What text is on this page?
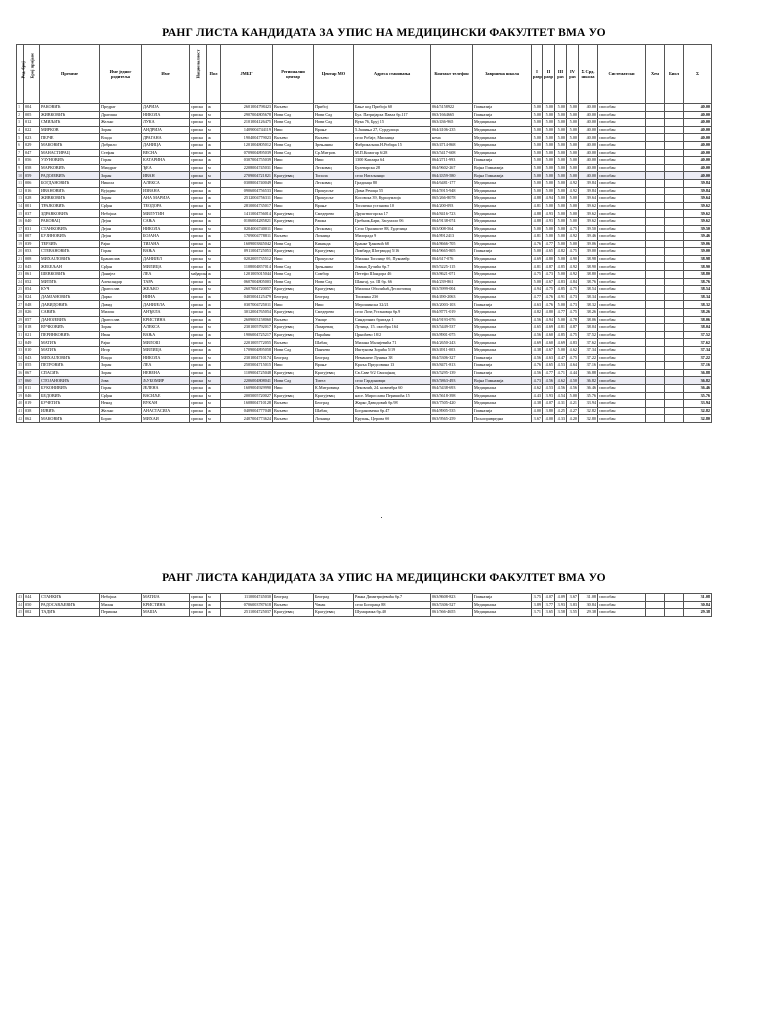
РАНГ ЛИСТА КАНДИДАТА ЗА УПИС НА МЕДИЦИНСКИ ФАКУЛТЕТ ВМА УО
Ред. број	Број пријаве	Презиме	Име једног родитеља	Име	Националност	Пол	ЈМБГ	Регионални центар	Центар МО	Адреса становања	Контакт телефон	Завршена школа	I разр	II разр	III раз	IV раз	Σ Срд. школа	Систематски	Хем	Биол	Σ
1	004	РАКОВИЋ	Предраг	ДАРИЈА	српска	ж	2601004798423	Ваљево	Прибој	Бање код Прибоја 60	064/5158922	Гимназија	5.00	5.00	5.00	5.00	40.00	способан			40.00
2	005	ЖИВКОВИЋ	Драгиша	НИКОЛА	српска	м	2907004805678	Нови Сад	Нови Сад	Бул. Патријарха Павла бр.117	063/1664665	Гимназија	5.00	5.00	5.00	5.00	40.00	способан			40.00
3	012	СМИЉИЋ	Жељко	ЛУКА	српска	м	2101004126475	Нови Сад	Нови Сад	Вука 76, Бруј 15	063/436-965	Медицинска	5.00	5.00	5.00	5.00	40.00	способан			40.00
4	022	МИРКОВ	Зоран	АНДРИЈА	српска	м	1409004744119	Ниш	Врање	5.Јашиња 27, Сурдулица	064/4106-235	Медицинска	5.00	5.00	5.00	5.00	40.00	способан			40.00
5	023	ПЕЈЧЕ	Влада	ДРАГАНА	српска	ж	1904004779023	Ваљево	Ваљево	село Робаје, Мионица	нема	Медицинска	5.00	5.00	5.00	5.00	40.00	способан			40.00
6	029	МАКОВИЋ	Добрило	ДАНИЦА	српска	ж	1201004805012	Нови Сад	Зрењанин	Фабрикаљиш.Н.Рибара 15	063/4714-868	Медицинска	5.00	5.00	5.00	5.00	40.00	способан			40.00
7	047	МАНАСТИРАЦ	Стефан	ВЕСНА	српска	ж	0709004895039	Нови Сад	Ср.Митров.	М.П.Комогар 6/28	063/5417-608	Медицинска	5.00	5.00	5.00	5.00	40.00	способан			40.00
8	056	УЗУНОВИЋ	Горан	КАТАРИНА	српска	ж	0307004755039	Ниш	Ниш	1300 Каплара 64	064/2711-993	Гимназија	5.00	5.00	5.00	5.00	40.00	способан			40.00
9	058	МАРКОВИЋ	Миодраг	ЂЕА	српска	м	2208004745031	Ниш	Лесковац	Булеварска 28	064/9602-267	Војна Гимназија	5.00	5.00	5.00	5.00	40.00	способан			40.00
10	059	РАДОЈЕВИЋ	Зоран	ИВАН	српска	м	2709004721821	Крагујевац	Топола	село Натаљинци	064/4359-580	Војна Гимназија	5.00	5.00	5.00	5.00	40.00	способан			40.00
11	006	БОГДАНОВИЋ	Никола	АЛЕКСА	српска	м	0308004740049	Ниш	Лесковац	Градинца 80	064/6481-177	Медицинска	5.00	5.00	5.00	4.92	39.84	способан			39.84
12	016	ИВАНОВИЋ	Вујадин	ИЗВАНА	српска	ж	0906004756533	Ниш	Прокупље	Дома Речица 55	064/5915-948	Медицинска	5.00	5.00	5.00	4.92	39.84	способан			39.84
13	028	ЖИВКОВИЋ	Зоран	АНА МАРИЈА	српска	ж	2512004756311	Ниш	Прокупље	Косовска 39, Куршумлија	065/266-8078	Медицинска	4.88	4.94	5.00	5.00	39.64	способан			39.64
14	001	ТРАЈКОВИЋ	Срђан	ТЕОДОРА	српска	ж	2810004735017	Ниш	Врање	Топличка установа 10	064/200-093	Медицинска	4.81	5.00	5.00	5.00	39.62	способан			39.62
15	037	ЗДРАВКОВИЋ	Небојша	МИЛУТИН	српска	м	1411004756014	Крагујевац	Смедерево	Друштвогорска 17	064/8416-723	Медицинска	4.88	4.93	5.00	5.00	39.62	способан			39.62
16	040	РАКОВАЦ	Дејан	САЊА	српска	ж	0106004285821	Крагујевац	Рашка	Гребник,Бари, Засумлло 06	064/9138-074	Медицинска	4.88	4.93	5.00	5.00	39.62	способан			39.62
17	031	СТАНКОВИЋ	Дејан	НИКОЛА	српска	м	0204004740011	Ниш	Лесковац	Село Оралиште 88, Грделица	063/008-564	Медицинска	5.00	5.00	5.00	4.75	39.50	способан			39.50
18	007	БУЈИНОВИЋ	Дејан	БОЈАНА	српска	ж	1709004778811	Ваљево	Лозница	Милорада 9	064/8912413	Медицинска	4.81	5.00	5.00	4.92	39.46	способан			39.46
19	039	ТЕРЗИЋ	Рајко	ТИЈАНА	српска	ж	1609003845042	Нови Сад	Кикинда	Бранке Ђаковић 68	064/8666-705	Медицинска	4.76	4.77	5.00	5.00	39.06	способан			39.06
20	053	СТЕВАНОВИЋ	Горан	ВАЊА	српска	ж	0911004725053	Крагујевац	Крагујевац	Ломбард Шотрвадај 5/16	064/9665-805	Гимназија	5.00	4.65	4.82	4.75	39.00	способан			39.00
21	008	МИХАЈЛОВИЋ	Бранислав	ДАНИЈЕЛ	српска	м	0202005735512	Ниш	Прокупље	Милана Топлице бб, Пукоавбр	064/617-076	Медицинска	4.69	4.80	5.00	4.90	38.98	способан			38.98
22	045	ЖЕБЕЉАН	Срђан	МИЛИЦА	српска	ж	1108004857014	Нови Сад	Зрењанин	Јована Дучића бр.7	065/5225-115	Медицинска	4.81	4.87	4.85	4.92	38.90	способан			38.90
23	061	ШЕВКОВИЋ	Данијел	ЛЕА	мађарска	ж	1201005015044	Нови Сад	Сомбор	Петефи Шандора 46	063/8621-071	Медицинска	4.75	4.73	5.00	4.92	38.80	способан			38.80
24	052	МИТИЋ	Александар	ТАРА	српска	ж	0607004805003	Нови Сад	Нови Сад	Шангај, ул. III бр. 66	064/239-861	Медицинска	5.00	4.67	4.83	4.84	38.76	способан			38.76
25	054	КУЧ	Драгослав	ЖЕЉКО	српска	м	2607004720057	Крагујевац	Крагујевац	Милоша Обилића6,Деспотовац	063/5999-004	Медицинска	4.94	4.75	4.85	4.75	38.54	способан			38.54
26	024	ДАМЈАНОВИЋ	Дарко	НИНА	српска	ж	0405004125479	Београд	Београд	Тошинка 23б	064/490-2063	Медицинска	4.77	4.76	4.91	4.73	38.34	способан			38.34
27	048	ДАВИДОВИЋ	Давид	ДАНИЈЕЛА	српска	ж	0307004725011	Ниш	Ниш	Мерошинска 32/21	063/2003-103	Гимназија	4.63	4.76	5.00	4.73	38.32	способан			38.32
28	026	САВИЋ	Милош	АНЂЕЛА	српска	ж	3012004765054	Крагујевац	Смедерево	село Лозе,Установца бр.9	064/8771-019	Медицинска	4.82	4.80	4.77	4.75	38.26	способан			38.26
29	057	ДАНОЈЕВИЋ	Драгослав	КРИСТИНА	српска	ж	2609003158060	Ваљево	Ужице	Синдичних бригада 1	064/9193-076	Медицинска	4.56	4.94	5.00	4.78	38.06	способан			38.06
30	018	ВУЧКОВИЋ	Зоран	АЛЕКСА	српска	м	2301005792017	Крагујевац	Лазаревац	Лучица, 15. октобра 164	063/5449-537	Медицинска	4.65	4.69	4.81	4.87	38.04	способан			38.04
31	021	ПЕРИНКОВИЋ	Иван	ВАЊА	српска	ж	1906004725217	Крагујевац	Параћин	Црнићево 18/2	063/8901-075	Медицинска	4.56	4.60	4.85	4.75	37.52	способан			37.52
32	049	МАТИЋ	Рајко	МИЛОШ	српска	м	2201005772055	Ваљево	Шабац	Милана Малијевића 71	064/2650-243	Медицинска	4.69	4.60	4.69	4.83	37.62	способан			37.62
33	010	МАТИЋ	Игор	МИЛИЦА	српска	ж	1709004895058	Нови Сад	Панчево	Иштунова Зорића 5/19	063/4911-003	Медицинска	4.38	4.67	5.00	4.62	37.34	способан			37.34
34	043	МИХАЈЛОВИЋ	Влада	НИКОЛА	српска	м	2301004710174	Београд	Београд	Неманиче Лунина 38	064/5306-327	Гимназија	4.56	4.63	4.47	4.75	37.22	способан			37.22
35	055	ПЕТРОВИЋ	Зоран	ЛЕА	српска	ж	2505004715015	Ниш	Врање	Краља Предсовина 13	063/8471-813	Гимназија	4.76	4.65	4.53	4.64	37.16	способан			37.16
36	067	СПАСИЋ	Зоран	НЕВЕНА	српска	ж	1109004725048	Крагујевац	Крагујевац	Св.Саве 9/2 Свилајнац	063/5295-139	Гимназија	4.56	4.77	4.71	4.44	36.88	способан			36.88
37	060	СТОЈАНОВИЋ	Јова	ЉУБОМИР	српска	м	2206004808041	Нови Сад	Тител	село Гардиновци	063/5863-493	Војна Гимназија	4.73	4.56	4.62	4.50	36.82	способан			36.82
38	011	БУКОНИВИЋ	Горан	ЈЕЛЕНА	српска	ж	1609004929990	Ниш	К.Митровица	Лековлић, 24. новембра 60	064/5438-693	Медицинска	4.62	4.53	4.56	4.56	36.46	способан			36.46
39	046	БЕДОВИЋ	Срђан	ВАСИЉЕ	српска	м	2005005720027	Крагујевац	Крагујевац	насе. Мирослава Перишића 15	063/5618-398	Медицинска	4.43	3.93	4.54	5.00	35.76	способан			35.76
40	019	БУЧЕТИЋ	Ненад	ВУКАН	српска	м	1608004710128	Ваљево	Београд	Жарко Давидовић бр.98	063/7505-420	Медицинска	4.38	4.07	4.31	4.21	33.94	способан			33.94
41	038	ИЈВИЋ	Жељко	АНАСТАСИЈА	српска	ж	0409004777048	Ваљево	Шабац	Богдановачка бр.47	064/8905-535	Гимназија	4.00	3.80	4.25	4.27	32.82	способан			32.82
42	062	МАКОВИЋ	Борис	МИХАИ	српска	м	2407004773624	Ваљево	Лозница	Крупањ, Церова бб	063/9565-259	Пољопривредна	3.67	4.00	4.33	4.20	32.80	способан			32.80
РАНГ ЛИСТА КАНДИДАТА ЗА УПИС НА МЕДИЦИНСКИ ФАКУЛТЕТ ВМА УО
43	044	СТАНКИЋ	Небојша	МАТИЈА	српска	м	1110004745030	Београд	Београд	Ранка Димитријевића бр.7	063/8608-823	Гимназија	3.75	4.07	4.09	3.67	31.08	способан			31.08
44	050	РАДОСАВЉЕВИЋ	Милан	КРИСТИНА	српска	ж	0706003787618	Ваљево	Чачак	село Богораца 88	063/5306-527	Медицинска	3.89	3.77	3.93	3.83	30.84	способан			30.84
45	002	ТАДИЋ	Перишка	МАША	српска	ж	2511004725037	Крагујевац	Крагујевац	Шумарачка бр.40	061/566-4655	Медицинска	3.71	3.65	3.58	3.55	29.38	способан			29.38
